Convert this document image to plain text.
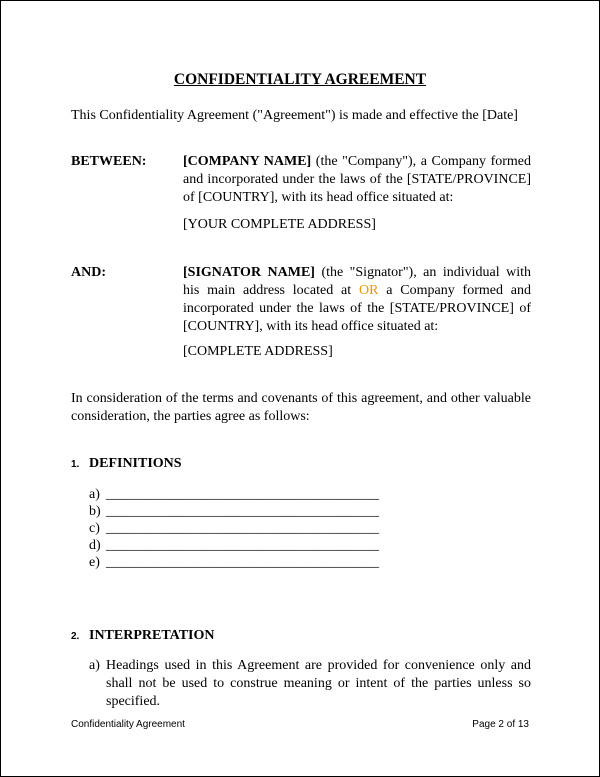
CONFIDENTIALITY AGREEMENT
This Confidentiality Agreement ("Agreement") is made and effective the [Date]
BETWEEN:	[COMPANY NAME] (the "Company"), a Company formed and incorporated under the laws of the [STATE/PROVINCE] of [COUNTRY], with its head office situated at:
[YOUR COMPLETE ADDRESS]
AND:	[SIGNATOR NAME] (the "Signator"), an individual with his main address located at OR a Company formed and incorporated under the laws of the [STATE/PROVINCE] of [COUNTRY], with its head office situated at:
[COMPLETE ADDRESS]
In consideration of the terms and covenants of this agreement, and other valuable consideration, the parties agree as follows:
1. DEFINITIONS
a) _______________________________________
b) _______________________________________
c) _______________________________________
d) _______________________________________
e) _______________________________________
2. INTERPRETATION
a) Headings used in this Agreement are provided for convenience only and shall not be used to construe meaning or intent of the parties unless so specified.
Confidentiality Agreement	Page 2 of 13
